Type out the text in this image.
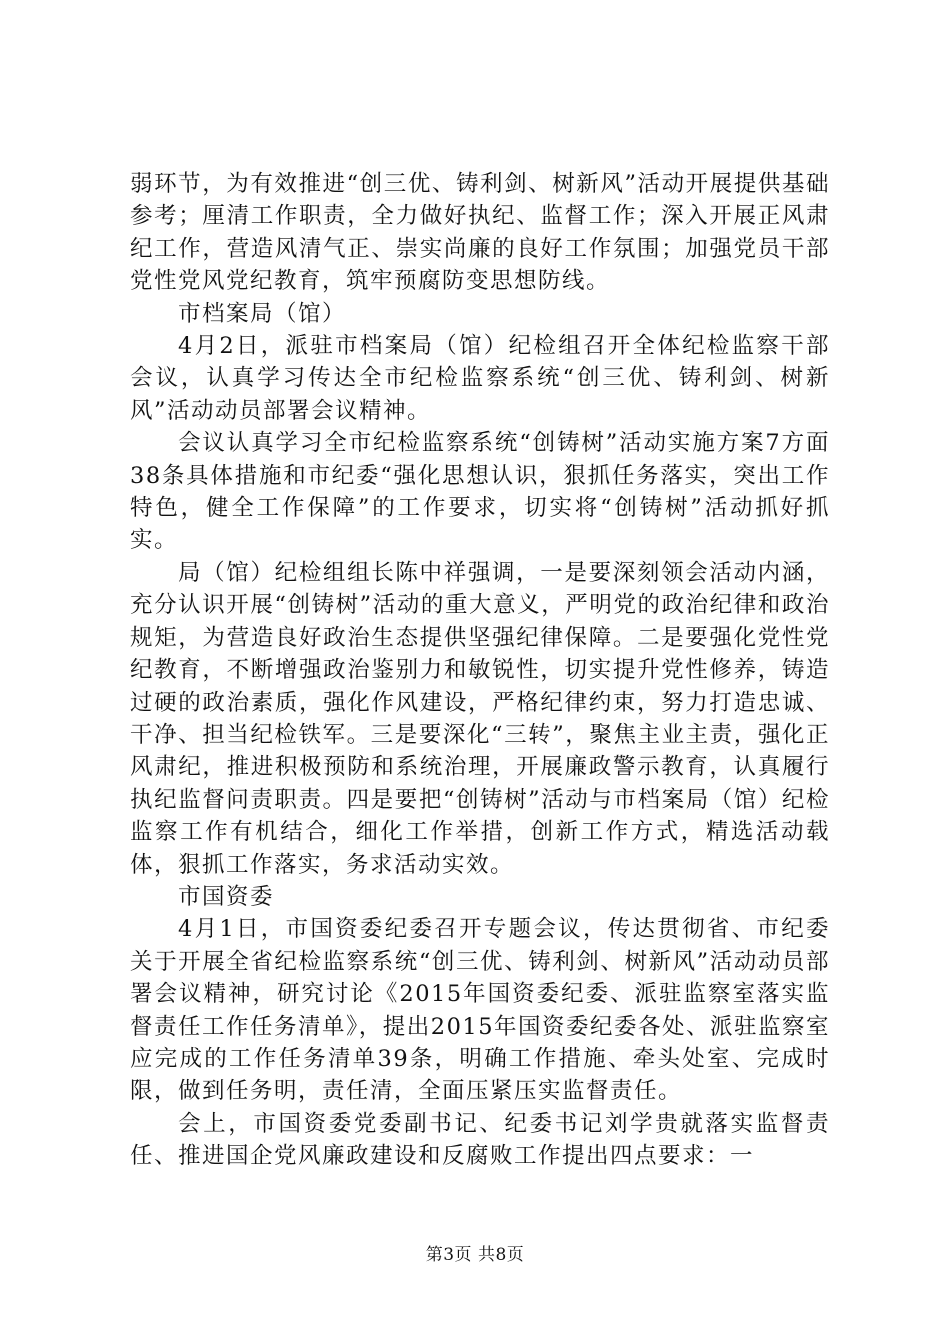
弱环节，为有效推进“创三优、铸利剑、树新风”活动开展提供基础参考；厘清工作职责，全力做好执纪、监督工作；深入开展正风肃纪工作，营造风清气正、崇实尚廉的良好工作氛围；加强党员干部党性党风党纪教育，筑牢预腐防变思想防线。

市档案局（馆）

4月2日，派驻市档案局（馆）纪检组召开全体纪检监察干部会议，认真学习传达全市纪检监察系统“创三优、铸利剑、树新风”活动动员部署会议精神。

会议认真学习全市纪检监察系统“创铸树”活动实施方案7方面38条具体措施和市纪委“强化思想认识，狠抓任务落实，突出工作特色，健全工作保障”的工作要求，切实将“创铸树”活动抓好抓实。

局（馆）纪检组组长陈中祥强调，一是要深刻领会活动内涵，充分认识开展“创铸树”活动的重大意义，严明党的政治纪律和政治规矩，为营造良好政治生态提供坚强纪律保障。二是要强化党性党纪教育，不断增强政治鉴别力和敏锐性，切实提升党性修养，铸造过硬的政治素质，强化作风建设，严格纪律约束，努力打造忠诚、干净、担当纪检铁军。三是要深化“三转”，聚焦主业主责，强化正风肃纪，推进积极预防和系统治理，开展廉政警示教育，认真履行执纪监督问责职责。四是要把“创铸树”活动与市档案局（馆）纪检监察工作有机结合，细化工作举措，创新工作方式，精选活动载体，狠抓工作落实，务求活动实效。

市国资委

4月1日，市国资委纪委召开专题会议，传达贯彻省、市纪委关于开展全省纪检监察系统“创三优、铸利剑、树新风”活动动员部署会议精神，研究讨论《2015年国资委纪委、派驻监察室落实监督责任工作任务清单》，提出2015年国资委纪委各处、派驻监察室应完成的工作任务清单39条，明确工作措施、牵头处室、完成时限，做到任务明，责任清，全面压紧压实监督责任。

会上，市国资委党委副书记、纪委书记刘学贵就落实监督责任、推进国企党风廉政建设和反腐败工作提出四点要求：一

第3页 共8页
